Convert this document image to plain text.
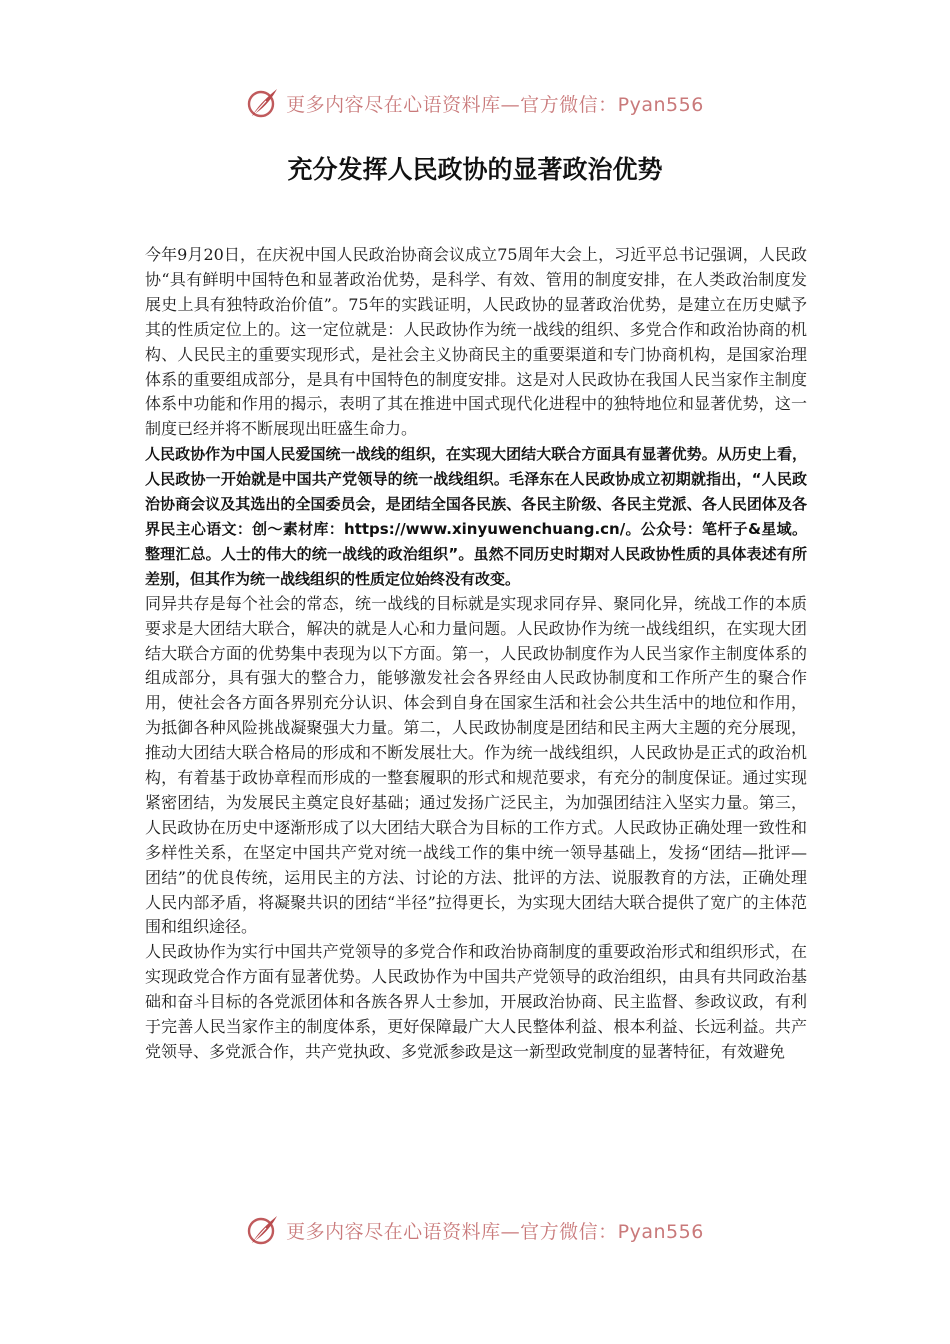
更多内容尽在心语资料库—官方微信：Pyan556
充分发挥人民政协的显著政治优势

今年9月20日，在庆祝中国人民政治协商会议成立75周年大会上，习近平总书记强调，人民政协“具有鲜明中国特色和显著政治优势，是科学、有效、管用的制度安排，在人类政治制度发展史上具有独特政治价值”。75年的实践证明，人民政协的显著政治优势，是建立在历史赋予其的性质定位上的。这一定位就是：人民政协作为统一战线的组织、多党合作和政治协商的机构、人民民主的重要实现形式，是社会主义协商民主的重要渠道和专门协商机构，是国家治理体系的重要组成部分，是具有中国特色的制度安排。这是对人民政协在我国人民当家作主制度体系中功能和作用的揭示，表明了其在推进中国式现代化进程中的独特地位和显著优势，这一制度已经并将不断展现出旺盛生命力。

人民政协作为中国人民爱国统一战线的组织，在实现大团结大联合方面具有显著优势。从历史上看，人民政协一开始就是中国共产党领导的统一战线组织。毛泽东在人民政协成立初期就指出，“人民政治协商会议及其选出的全国委员会，是团结全国各民族、各民主阶级、各民主党派、各人民团体及各界民主心语文：创～素材库：https://www.xinyuwenchuang.cn/。公众号：笔杆子&星域。整理汇总。人士的伟大的统一战线的政治组织”。虽然不同历史时期对人民政协性质的具体表述有所差别，但其作为统一战线组织的性质定位始终没有改变。

同异共存是每个社会的常态，统一战线的目标就是实现求同存异、聚同化异，统战工作的本质要求是大团结大联合，解决的就是人心和力量问题。人民政协作为统一战线组织，在实现大团结大联合方面的优势集中表现为以下方面。第一，人民政协制度作为人民当家作主制度体系的组成部分，具有强大的整合力，能够激发社会各界经由人民政协制度和工作所产生的聚合作用，使社会各方面各界别充分认识、体会到自身在国家生活和社会公共生活中的地位和作用，为抵御各种风险挑战凝聚强大力量。第二，人民政协制度是团结和民主两大主题的充分展现，推动大团结大联合格局的形成和不断发展壮大。作为统一战线组织，人民政协是正式的政治机构，有着基于政协章程而形成的一整套履职的形式和规范要求，有充分的制度保证。通过实现紧密团结，为发展民主奠定良好基础；通过发扬广泛民主，为加强团结注入坚实力量。第三，人民政协在历史中逐渐形成了以大团结大联合为目标的工作方式。人民政协正确处理一致性和多样性关系，在坚定中国共产党对统一战线工作的集中统一领导基础上，发扬“团结—批评—团结”的优良传统，运用民主的方法、讨论的方法、批评的方法、说服教育的方法，正确处理人民内部矛盾，将凝聚共识的团结“半径”拉得更长，为实现大团结大联合提供了宽广的主体范围和组织途径。

人民政协作为实行中国共产党领导的多党合作和政治协商制度的重要政治形式和组织形式，在实现政党合作方面有显著优势。人民政协作为中国共产党领导的政治组织，由具有共同政治基础和奋斗目标的各党派团体和各族各界人士参加，开展政治协商、民主监督、参政议政，有利于完善人民当家作主的制度体系，更好保障最广大人民整体利益、根本利益、长远利益。共产党领导、多党派合作，共产党执政、多党派参政是这一新型政党制度的显著特征，有效避免

更多内容尽在心语资料库—官方微信：Pyan556
